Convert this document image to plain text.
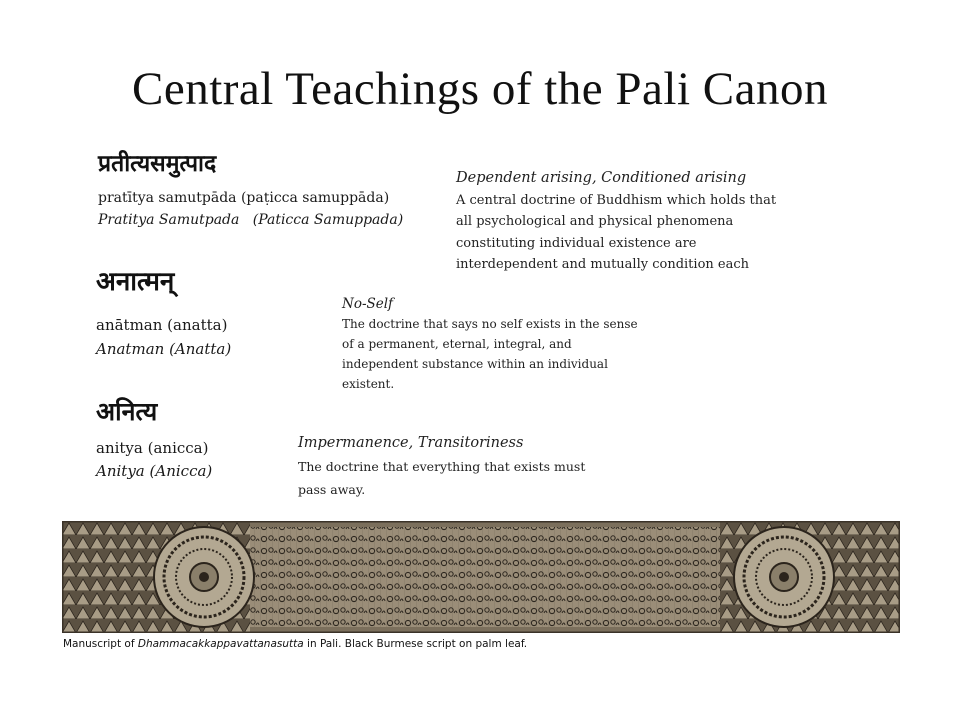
Central Teachings of the Pali Canon
प्रतीत्यसमुत्पाद
pratītya samutpāda (paṭicca samuppāda)
Pratitya Samutpada   (Paticca Samuppada)
Dependent arising, Conditioned arising
A central doctrine of Buddhism which holds that
all psychological and physical phenomena
constituting individual existence are
interdependent and mutually condition each
अनात्मन्
anātman (anatta)
Anatman (Anatta)
No-Self
The doctrine that says no self exists in the sense
of a permanent, eternal, integral, and
independent substance within an individual
existent.
अनित्य
anitya (anicca)
Anitya (Anicca)
Impermanence, Transitoriness
The doctrine that everything that exists must
pass away.
Manuscript of Dhammacakkappavattanasutta in Pali. Black Burmese script on palm leaf.
